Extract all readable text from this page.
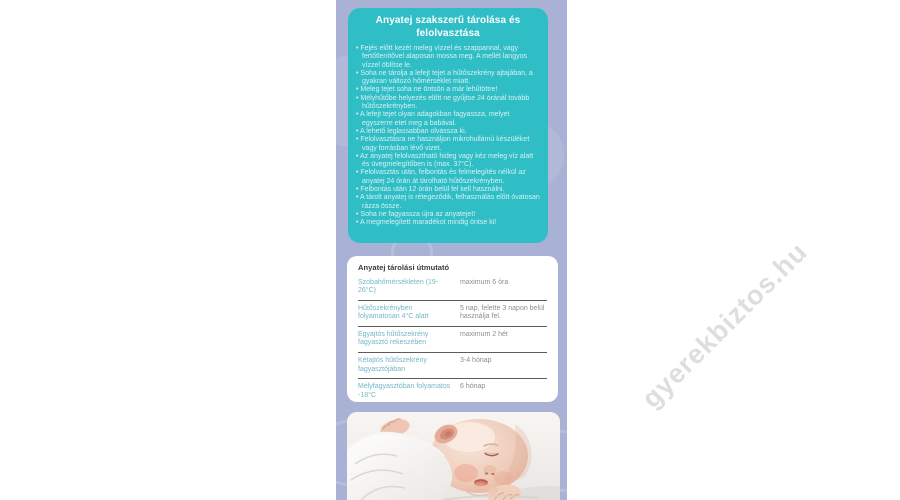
Anyatej szakszerű tárolása és felolvasztása
• Fejés előtt kezét meleg vízzel és szappannal, vagy fertőtlenítővel alaposan mossa meg. A mellét langyos vízzel öblítse le.
• Soha ne tárolja a lefejt tejet a hűtőszekrény ajtajában, a gyakran változó hőmérséklet miatt.
• Meleg tejet soha ne öntsön a már lehűtöttre!
• Mélyhűtőbe helyezés előtt ne gyűjtse 24 óránál tovább hűtőszekrényben.
• A lefejt tejet olyan adagokban fagyassza, melyet egyszerre etet meg a babával.
• A lehető leglassabban olvassza ki.
• Felolvasztásra ne használjon mikrohullámú készüléket vagy forrásban lévő vizet.
• Az anyatej felolvasztható hideg vagy kéz meleg víz alatt és üvegmelegítőben is (max. 37°C).
• Felolvasztás után, felbontás és felmelegítés nélkül az anyatej 24 órán át tárolható hűtőszekrényben.
• Felbontás után 12 órán belül fel kell használni.
• A tárolt anyatej is rétegeződik, felhasználás előtt óvatosan rázza össze.
• Soha ne fagyassza újra az anyatejet!
• A megmelegített maradékot mindig öntse ki!
Anyatej tárolási útmutató
Szobahőmérsékleten (19-26°C)
maximum 6 óra
Hűtőszekrényben folyamatosan 4°C alatt
5 nap, felette 3 napon belül használja fel.
Egyajtós hűtőszekrény fagyasztó rekeszében
maximum 2 hét
Kétajtós hűtőszekrény fagyasztójában
3-4 hónap
Mélyfagyasztóban folyamatos -18°C
6 hónap	gyerekbiztos.hu
